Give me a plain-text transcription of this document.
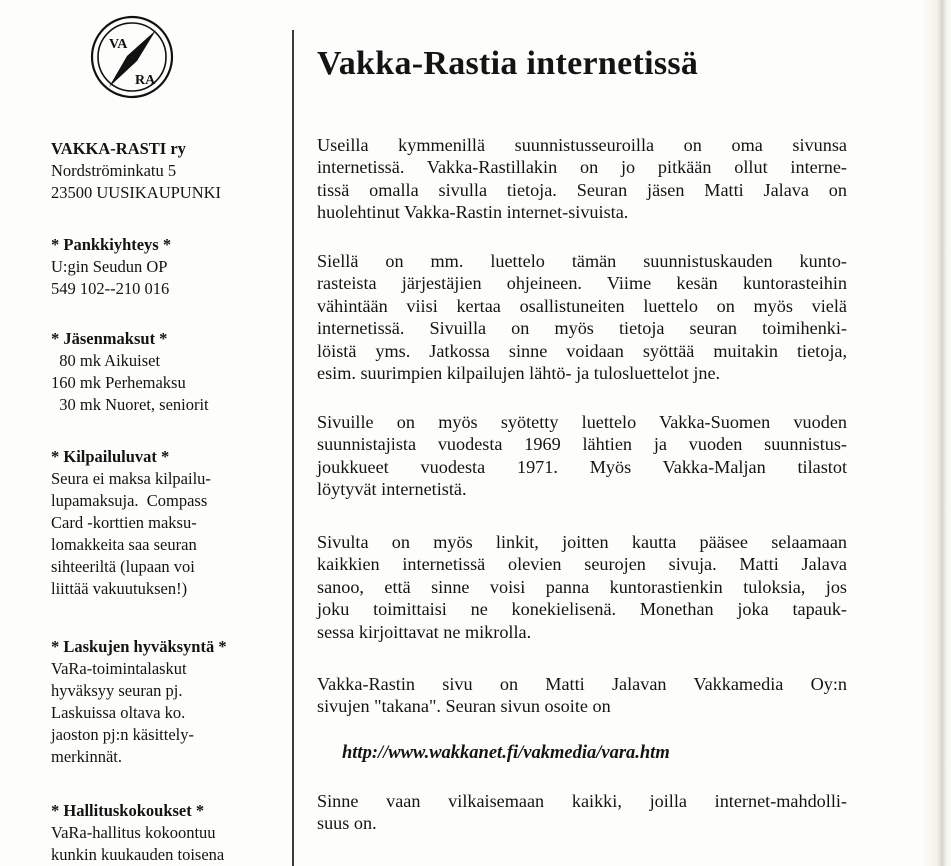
VA
RA
VAKKA-RASTI ry
Nordströminkatu 5
23500 UUSIKAUPUNKI
* Pankkiyhteys *
U:gin Seudun OP
549 102--210 016
* Jäsenmaksut *
80 mk Aikuiset
160 mk Perhemaksu
30 mk Nuoret, seniorit
* Kilpailuluvat *
Seura ei maksa kilpailu-
lupamaksuja.  Compass
Card -korttien maksu-
lomakkeita saa seuran
sihteeriltä (lupaan voi
liittää vakuutuksen!)
* Laskujen hyväksyntä *
VaRa-toimintalaskut
hyväksyy seuran pj.
Laskuissa oltava ko.
jaoston pj:n käsittely-
merkinnät.
* Hallituskokoukset *
VaRa-hallitus kokoontuu
kunkin kuukauden toisena
Vakka-Rastia internetissä
Useilla kymmenillä suunnistusseuroilla on oma sivunsa
internetissä. Vakka-Rastillakin on jo pitkään ollut interne-
tissä omalla sivulla tietoja. Seuran jäsen Matti Jalava on
huolehtinut Vakka-Rastin internet-sivuista.
Siellä on mm. luettelo tämän suunnistuskauden kunto-
rasteista järjestäjien ohjeineen. Viime kesän kuntorasteihin
vähintään viisi kertaa osallistuneiten luettelo on myös vielä
internetissä. Sivuilla on myös tietoja seuran toimihenki-
löistä yms. Jatkossa sinne voidaan syöttää muitakin tietoja,
esim. suurimpien kilpailujen lähtö- ja tulosluettelot jne.
Sivuille on myös syötetty luettelo Vakka-Suomen vuoden
suunnistajista vuodesta 1969 lähtien ja vuoden suunnistus-
joukkueet vuodesta 1971. Myös Vakka-Maljan tilastot
löytyvät internetistä.
Sivulta on myös linkit, joitten kautta pääsee selaamaan
kaikkien internetissä olevien seurojen sivuja. Matti Jalava
sanoo, että sinne voisi panna kuntorastienkin tuloksia, jos
joku toimittaisi ne konekielisenä. Monethan joka tapauk-
sessa kirjoittavat ne mikrolla.
Vakka-Rastin sivu on Matti Jalavan Vakkamedia Oy:n
sivujen "takana". Seuran sivun osoite on

http://www.wakkanet.fi/vakmedia/vara.htm

Sinne vaan vilkaisemaan kaikki, joilla internet-mahdolli-
suus on.
